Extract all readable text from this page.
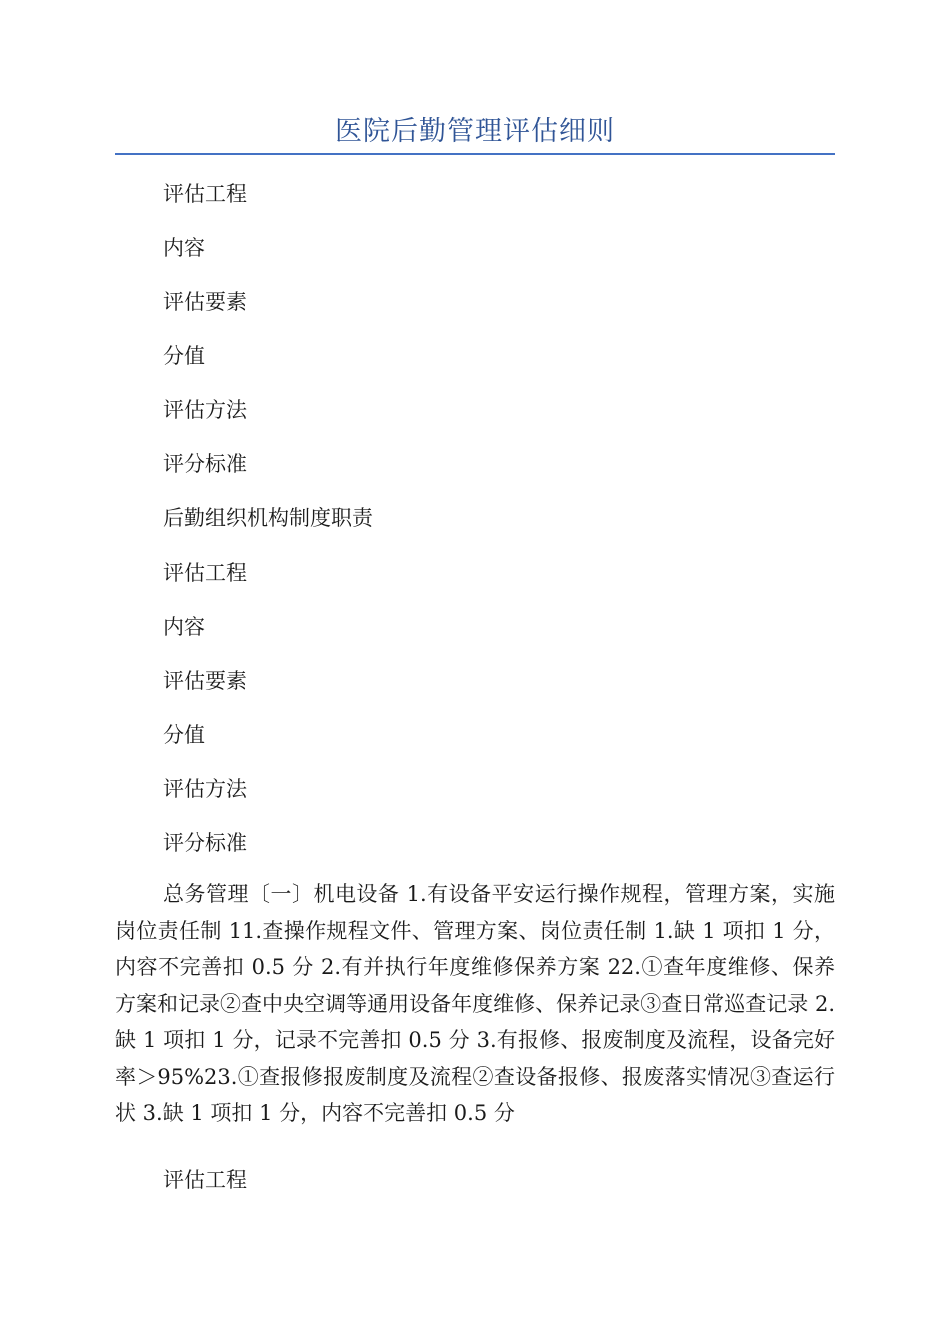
医院后勤管理评估细则

评估工程

内容

评估要素

分值

评估方法

评分标准

后勤组织机构制度职责

评估工程

内容

评估要素

分值

评估方法

评分标准

总务管理〔一〕机电设备 1.有设备平安运行操作规程，管理方案，实施岗位责任制 11.查操作规程文件、管理方案、岗位责任制 1.缺 1 项扣 1 分，内容不完善扣 0.5 分 2.有并执行年度维修保养方案 22.①查年度维修、保养方案和记录②查中央空调等通用设备年度维修、保养记录③查日常巡查记录 2.缺 1 项扣 1 分，记录不完善扣 0.5 分 3.有报修、报废制度及流程，设备完好率＞95%23.①查报修报废制度及流程②查设备报修、报废落实情况③查运行状 3.缺 1 项扣 1 分，内容不完善扣 0.5 分

评估工程
